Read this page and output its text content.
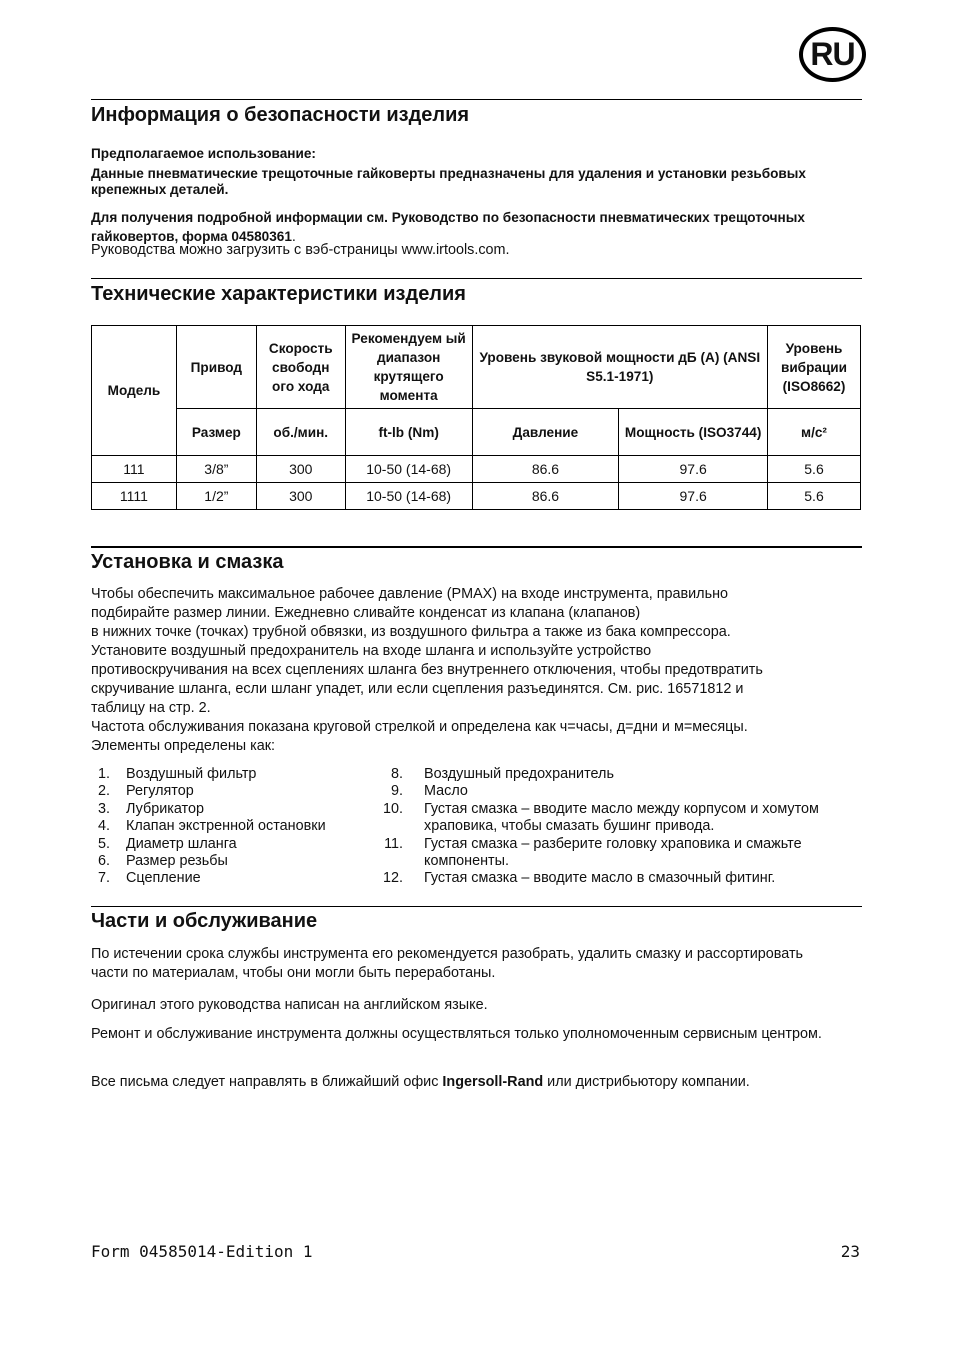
RU
Информация о безопасности изделия

Предполагаемое использование:

Данные пневматические трещоточные гайковерты предназначены для удаления и установки резьбовых крепежных деталей.

Для получения подробной информации см. Руководство по безопасности пневматических трещоточных гайковертов, форма 04580361.

Руководства можно загрузить с вэб-страницы www.irtools.com.

Технические характеристики изделия
Модель	Привод	Скорость свободн ого хода	Рекомендуем ый диапазон крутящего момента	Уровень звуковой мощности дБ (А) (ANSI S5.1-1971)		Уровень вибрации (ISO8662)
	Размер	об./мин.	ft-lb (Nm)	Давление	Мощность (ISO3744)	м/с²
111	3/8”	300	10-50 (14-68)	86.6	97.6	5.6
1111	1/2”	300	10-50 (14-68)	86.6	97.6	5.6
Установка и смазка
Чтобы обеспечить максимальное рабочее давление (PMAX) на входе инструмента, правильно
подбирайте размер линии. Ежедневно сливайте конденсат из клапана (клапанов)
в нижних точке (точках) трубной обвязки, из воздушного фильтра а также из бака компрессора.
Установите воздушный предохранитель на входе шланга и используйте устройство
противоскручивания на всех сцеплениях шланга без внутреннего отключения, чтобы предотвратить
скручивание шланга, если шланг упадет, или если сцепления разъединятся. См. рис. 16571812 и
таблицу на стр. 2.
Частота обслуживания показана круговой стрелкой и определена как ч=часы, д=дни и м=месяцы.
Элементы определены как:
1. Воздушный фильтр
2. Регулятор
3. Лубрикатор
4. Клапан экстренной остановки
5. Диаметр шланга
6. Размер резьбы
7. Сцепление
8. Воздушный предохранитель
9. Масло
10. Густая смазка – вводите масло между корпусом и хомутом храповика, чтобы смазать бушинг привода.
11. Густая смазка – разберите головку храповика и смажьте компоненты.
12. Густая смазка – вводите масло в смазочный фитинг.
Части и обслуживание

По истечении срока службы инструмента его рекомендуется разобрать, удалить смазку и рассортировать части по материалам, чтобы они могли быть переработаны.

Оригинал этого руководства написан на английском языке.

Ремонт и обслуживание инструмента должны осуществляться только уполномоченным сервисным центром.

Все письма следует направлять в ближайший офис Ingersoll-Rand или дистрибьютору компании.

Form 04585014-Edition 1	23
